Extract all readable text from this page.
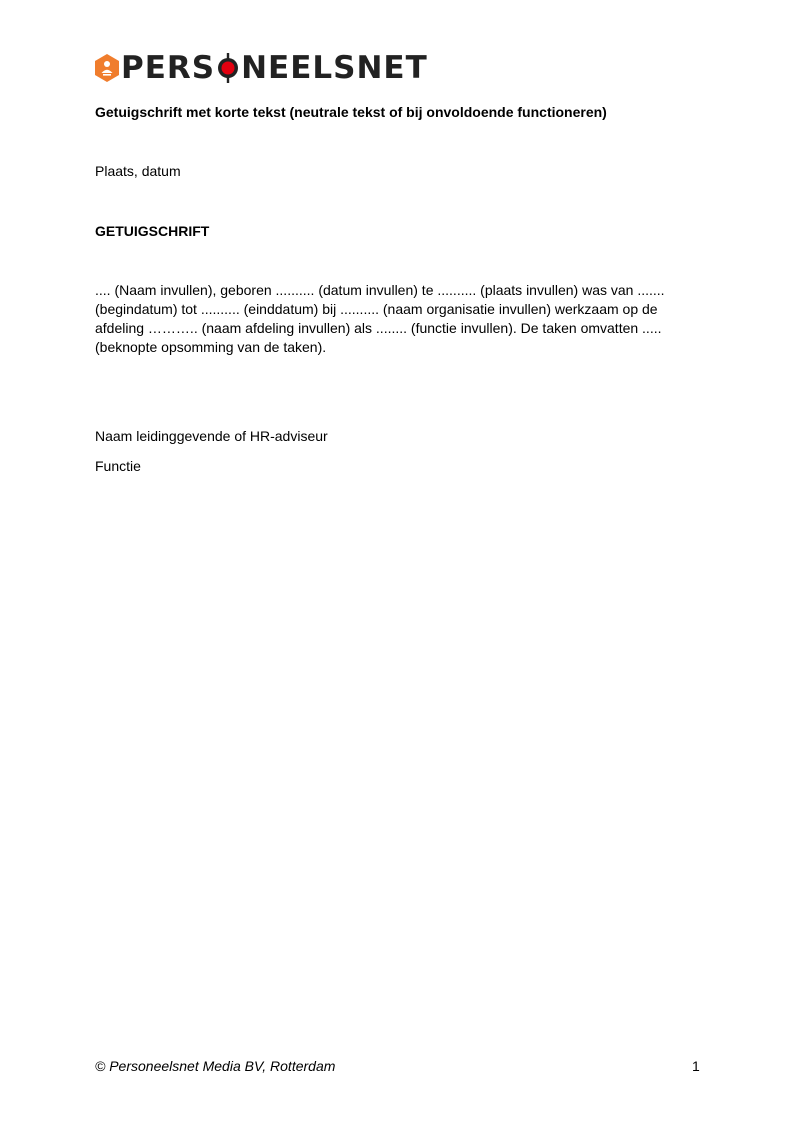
PERS NEELSNET
Getuigschrift met korte tekst (neutrale tekst of bij onvoldoende functioneren)
Plaats, datum
GETUIGSCHRIFT
.... (Naam invullen), geboren .......... (datum invullen) te .......... (plaats invullen) was van .......
(begindatum) tot .......... (einddatum) bij .......... (naam organisatie invullen) werkzaam op de
afdeling ……….. (naam afdeling invullen) als ........ (functie invullen). De taken omvatten .....
(beknopte opsomming van de taken).
Naam leidinggevende of HR-adviseur
Functie
© Personeelsnet Media BV, Rotterdam	1
